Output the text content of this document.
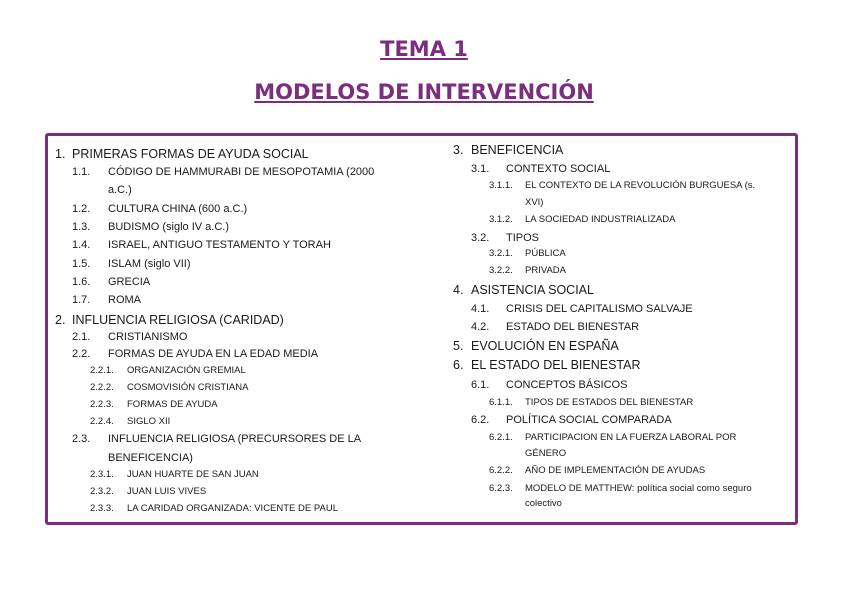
TEMA 1
MODELOS DE INTERVENCIÓN
1. PRIMERAS FORMAS DE AYUDA SOCIAL
1.1. CÓDIGO DE HAMMURABI DE MESOPOTAMIA (2000
a.C.)
1.2. CULTURA CHINA (600 a.C.)
1.3. BUDISMO (siglo IV a.C.)
1.4. ISRAEL, ANTIGUO TESTAMENTO Y TORAH
1.5. ISLAM (siglo VII)
1.6. GRECIA
1.7. ROMA
2. INFLUENCIA RELIGIOSA (CARIDAD)
2.1. CRISTIANISMO
2.2. FORMAS DE AYUDA EN LA EDAD MEDIA
2.2.1. ORGANIZACIÓN GREMIAL
2.2.2. COSMOVISIÓN CRISTIANA
2.2.3. FORMAS DE AYUDA
2.2.4. SIGLO XII
2.3. INFLUENCIA RELIGIOSA (PRECURSORES DE LA
BENEFICENCIA)
2.3.1. JUAN HUARTE DE SAN JUAN
2.3.2. JUAN LUIS VIVES
2.3.3. LA CARIDAD ORGANIZADA: VICENTE DE PAUL
3. BENEFICENCIA
3.1. CONTEXTO SOCIAL
3.1.1. EL CONTEXTO DE LA REVOLUCIÓN BURGUESA (s.
XVI)
3.1.2. LA SOCIEDAD INDUSTRIALIZADA
3.2. TIPOS
3.2.1. PÚBLICA
3.2.2. PRIVADA
4. ASISTENCIA SOCIAL
4.1. CRISIS DEL CAPITALISMO SALVAJE
4.2. ESTADO DEL BIENESTAR
5. EVOLUCIÓN EN ESPAÑA
6. EL ESTADO DEL BIENESTAR
6.1. CONCEPTOS BÁSICOS
6.1.1. TIPOS DE ESTADOS DEL BIENESTAR
6.2. POLÍTICA SOCIAL COMPARADA
6.2.1. PARTICIPACION EN LA FUERZA LABORAL POR
GÉNERO
6.2.2. AÑO DE IMPLEMENTACIÓN DE AYUDAS
6.2.3. MODELO DE MATTHEW: política social como seguro
colectivo
